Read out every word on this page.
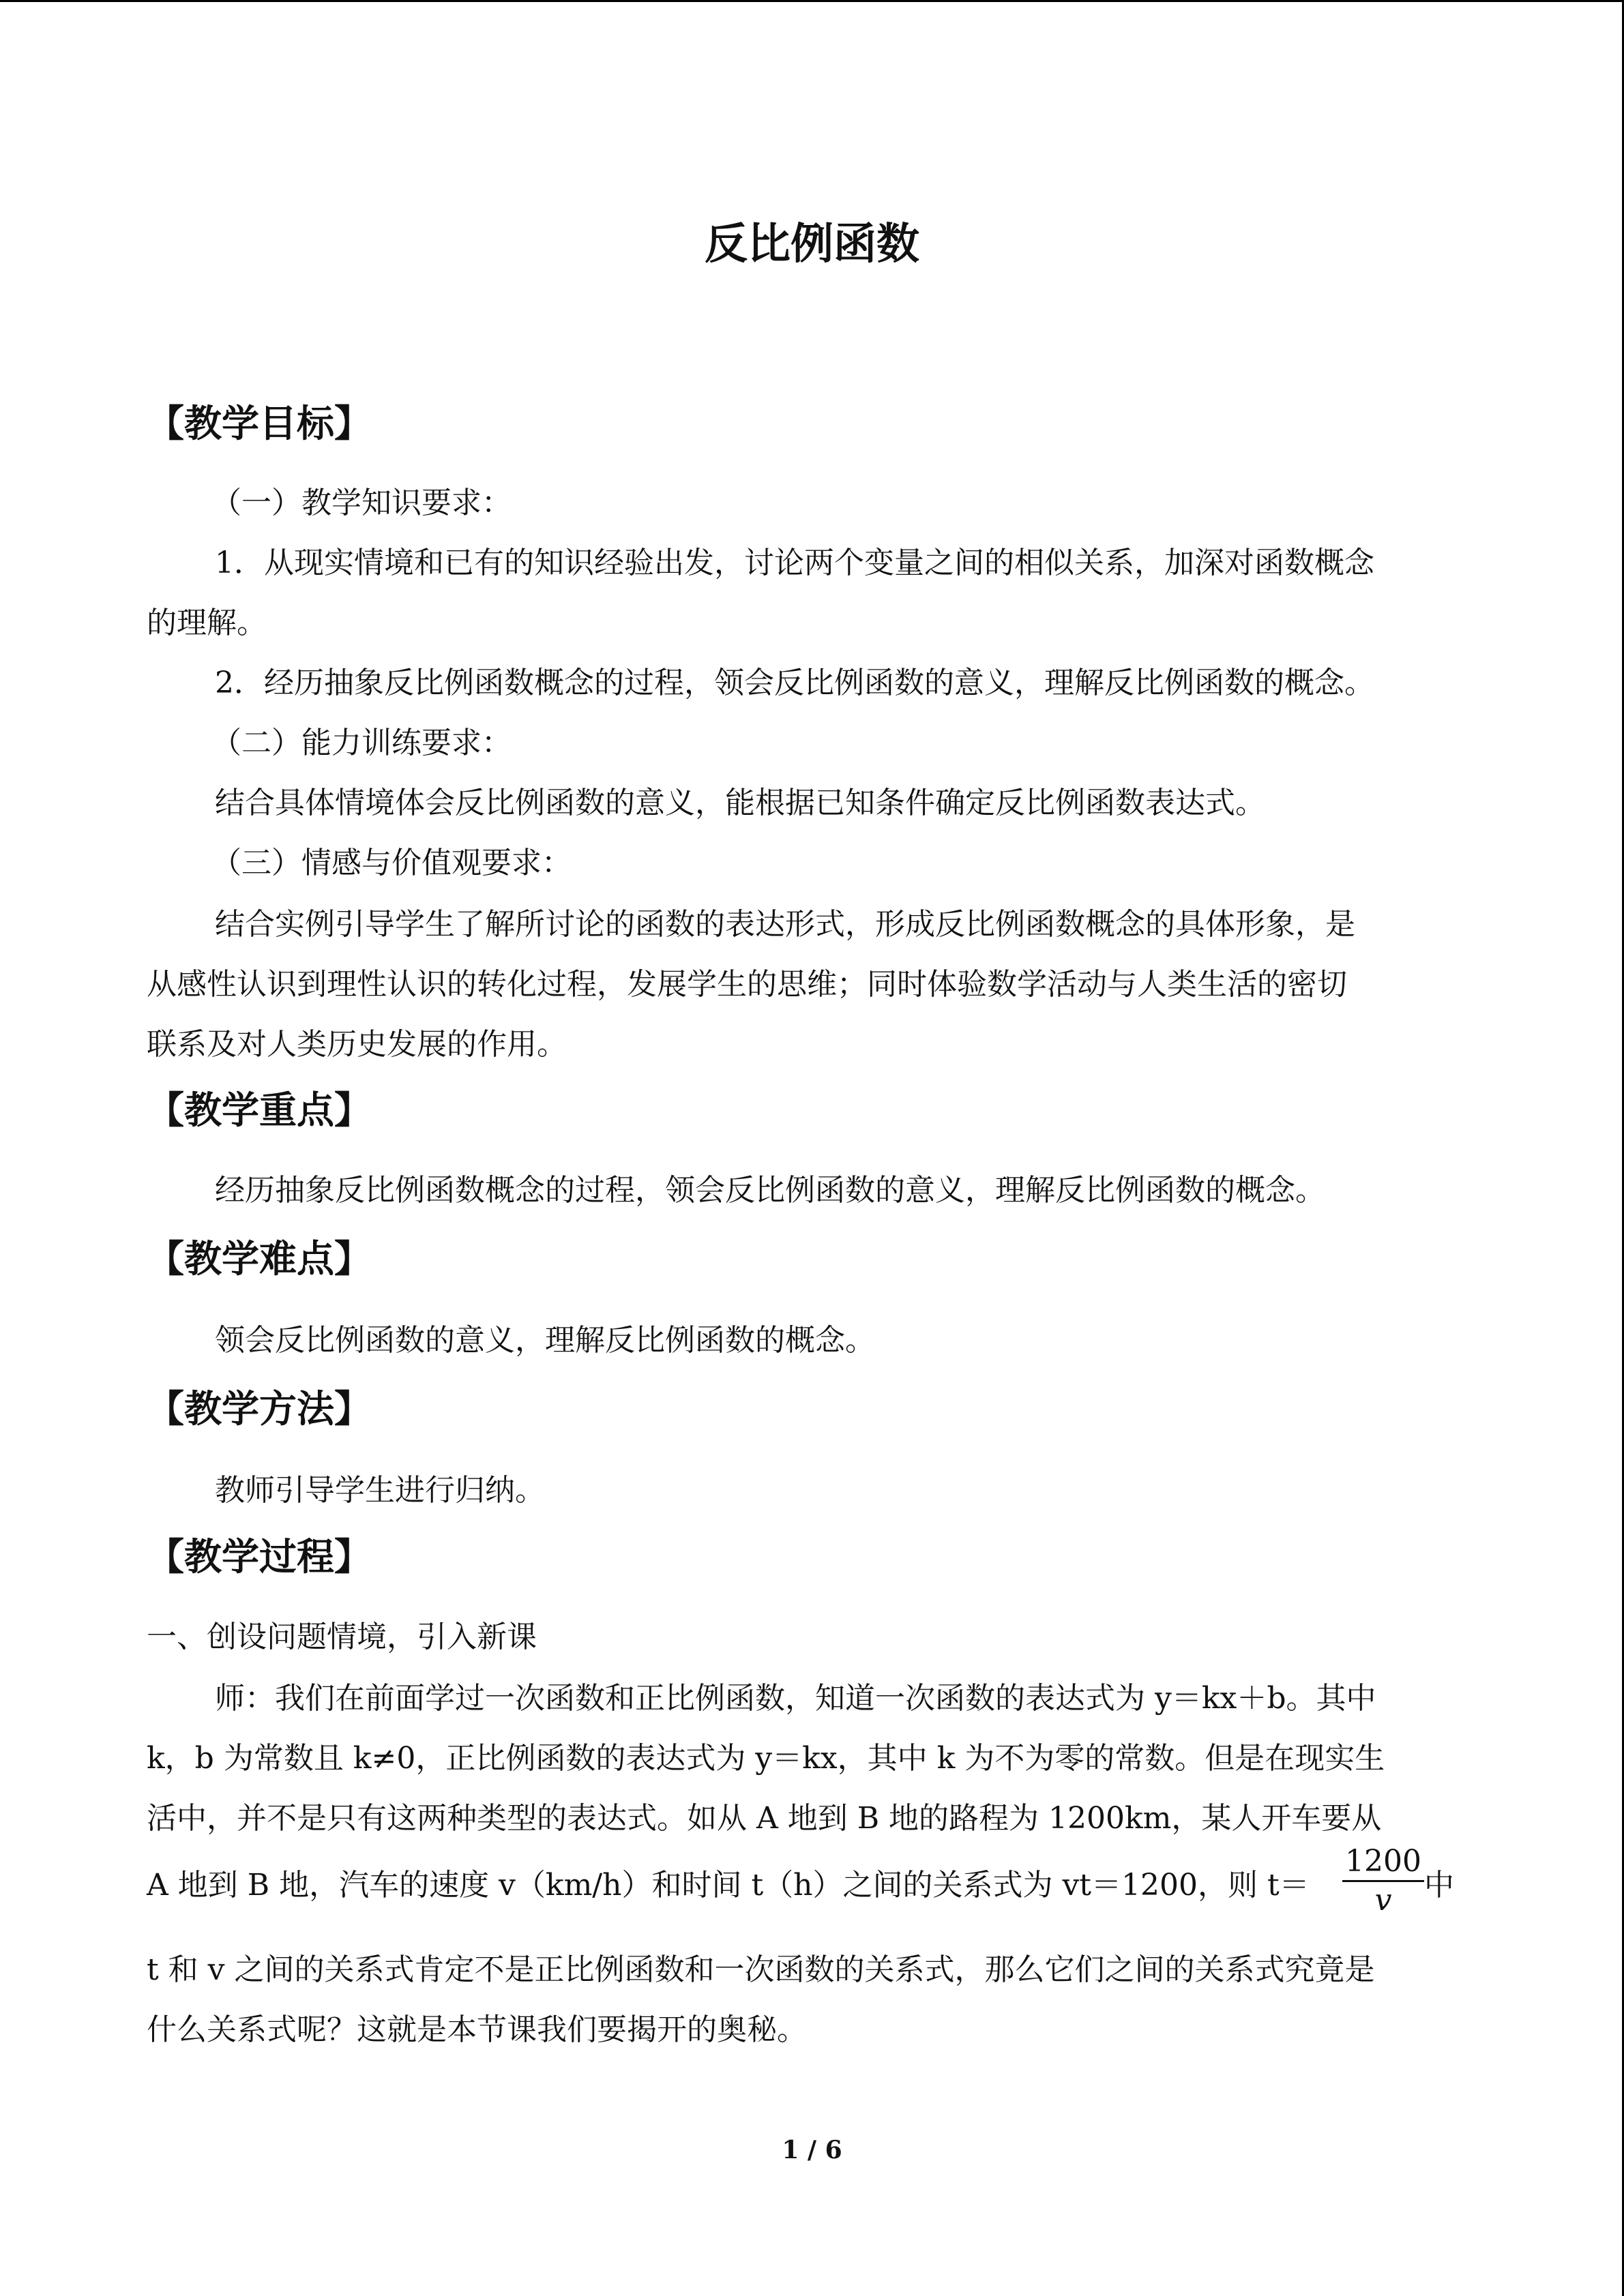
反比例函数
【教学目标】
（一）教学知识要求：
1．从现实情境和已有的知识经验出发，讨论两个变量之间的相似关系，加深对函数概念
的理解。
2．经历抽象反比例函数概念的过程，领会反比例函数的意义，理解反比例函数的概念。
（二）能力训练要求：
结合具体情境体会反比例函数的意义，能根据已知条件确定反比例函数表达式。
（三）情感与价值观要求：
结合实例引导学生了解所讨论的函数的表达形式，形成反比例函数概念的具体形象，是
从感性认识到理性认识的转化过程，发展学生的思维；同时体验数学活动与人类生活的密切
联系及对人类历史发展的作用。
【教学重点】
经历抽象反比例函数概念的过程，领会反比例函数的意义，理解反比例函数的概念。
【教学难点】
领会反比例函数的意义，理解反比例函数的概念。
【教学方法】
教师引导学生进行归纳。
【教学过程】
一、创设问题情境，引入新课
师：我们在前面学过一次函数和正比例函数，知道一次函数的表达式为 y＝kx＋b。其中
k，b 为常数且 k≠0，正比例函数的表达式为 y＝kx，其中 k 为不为零的常数。但是在现实生
活中，并不是只有这两种类型的表达式。如从 A 地到 B 地的路程为 1200km，某人开车要从
A 地到 B 地，汽车的速度 v（km/h）和时间 t（h）之间的关系式为 vt＝1200，则 t＝
1200
v	中
t 和 v 之间的关系式肯定不是正比例函数和一次函数的关系式，那么它们之间的关系式究竟是
什么关系式呢？这就是本节课我们要揭开的奥秘。
1 / 6
